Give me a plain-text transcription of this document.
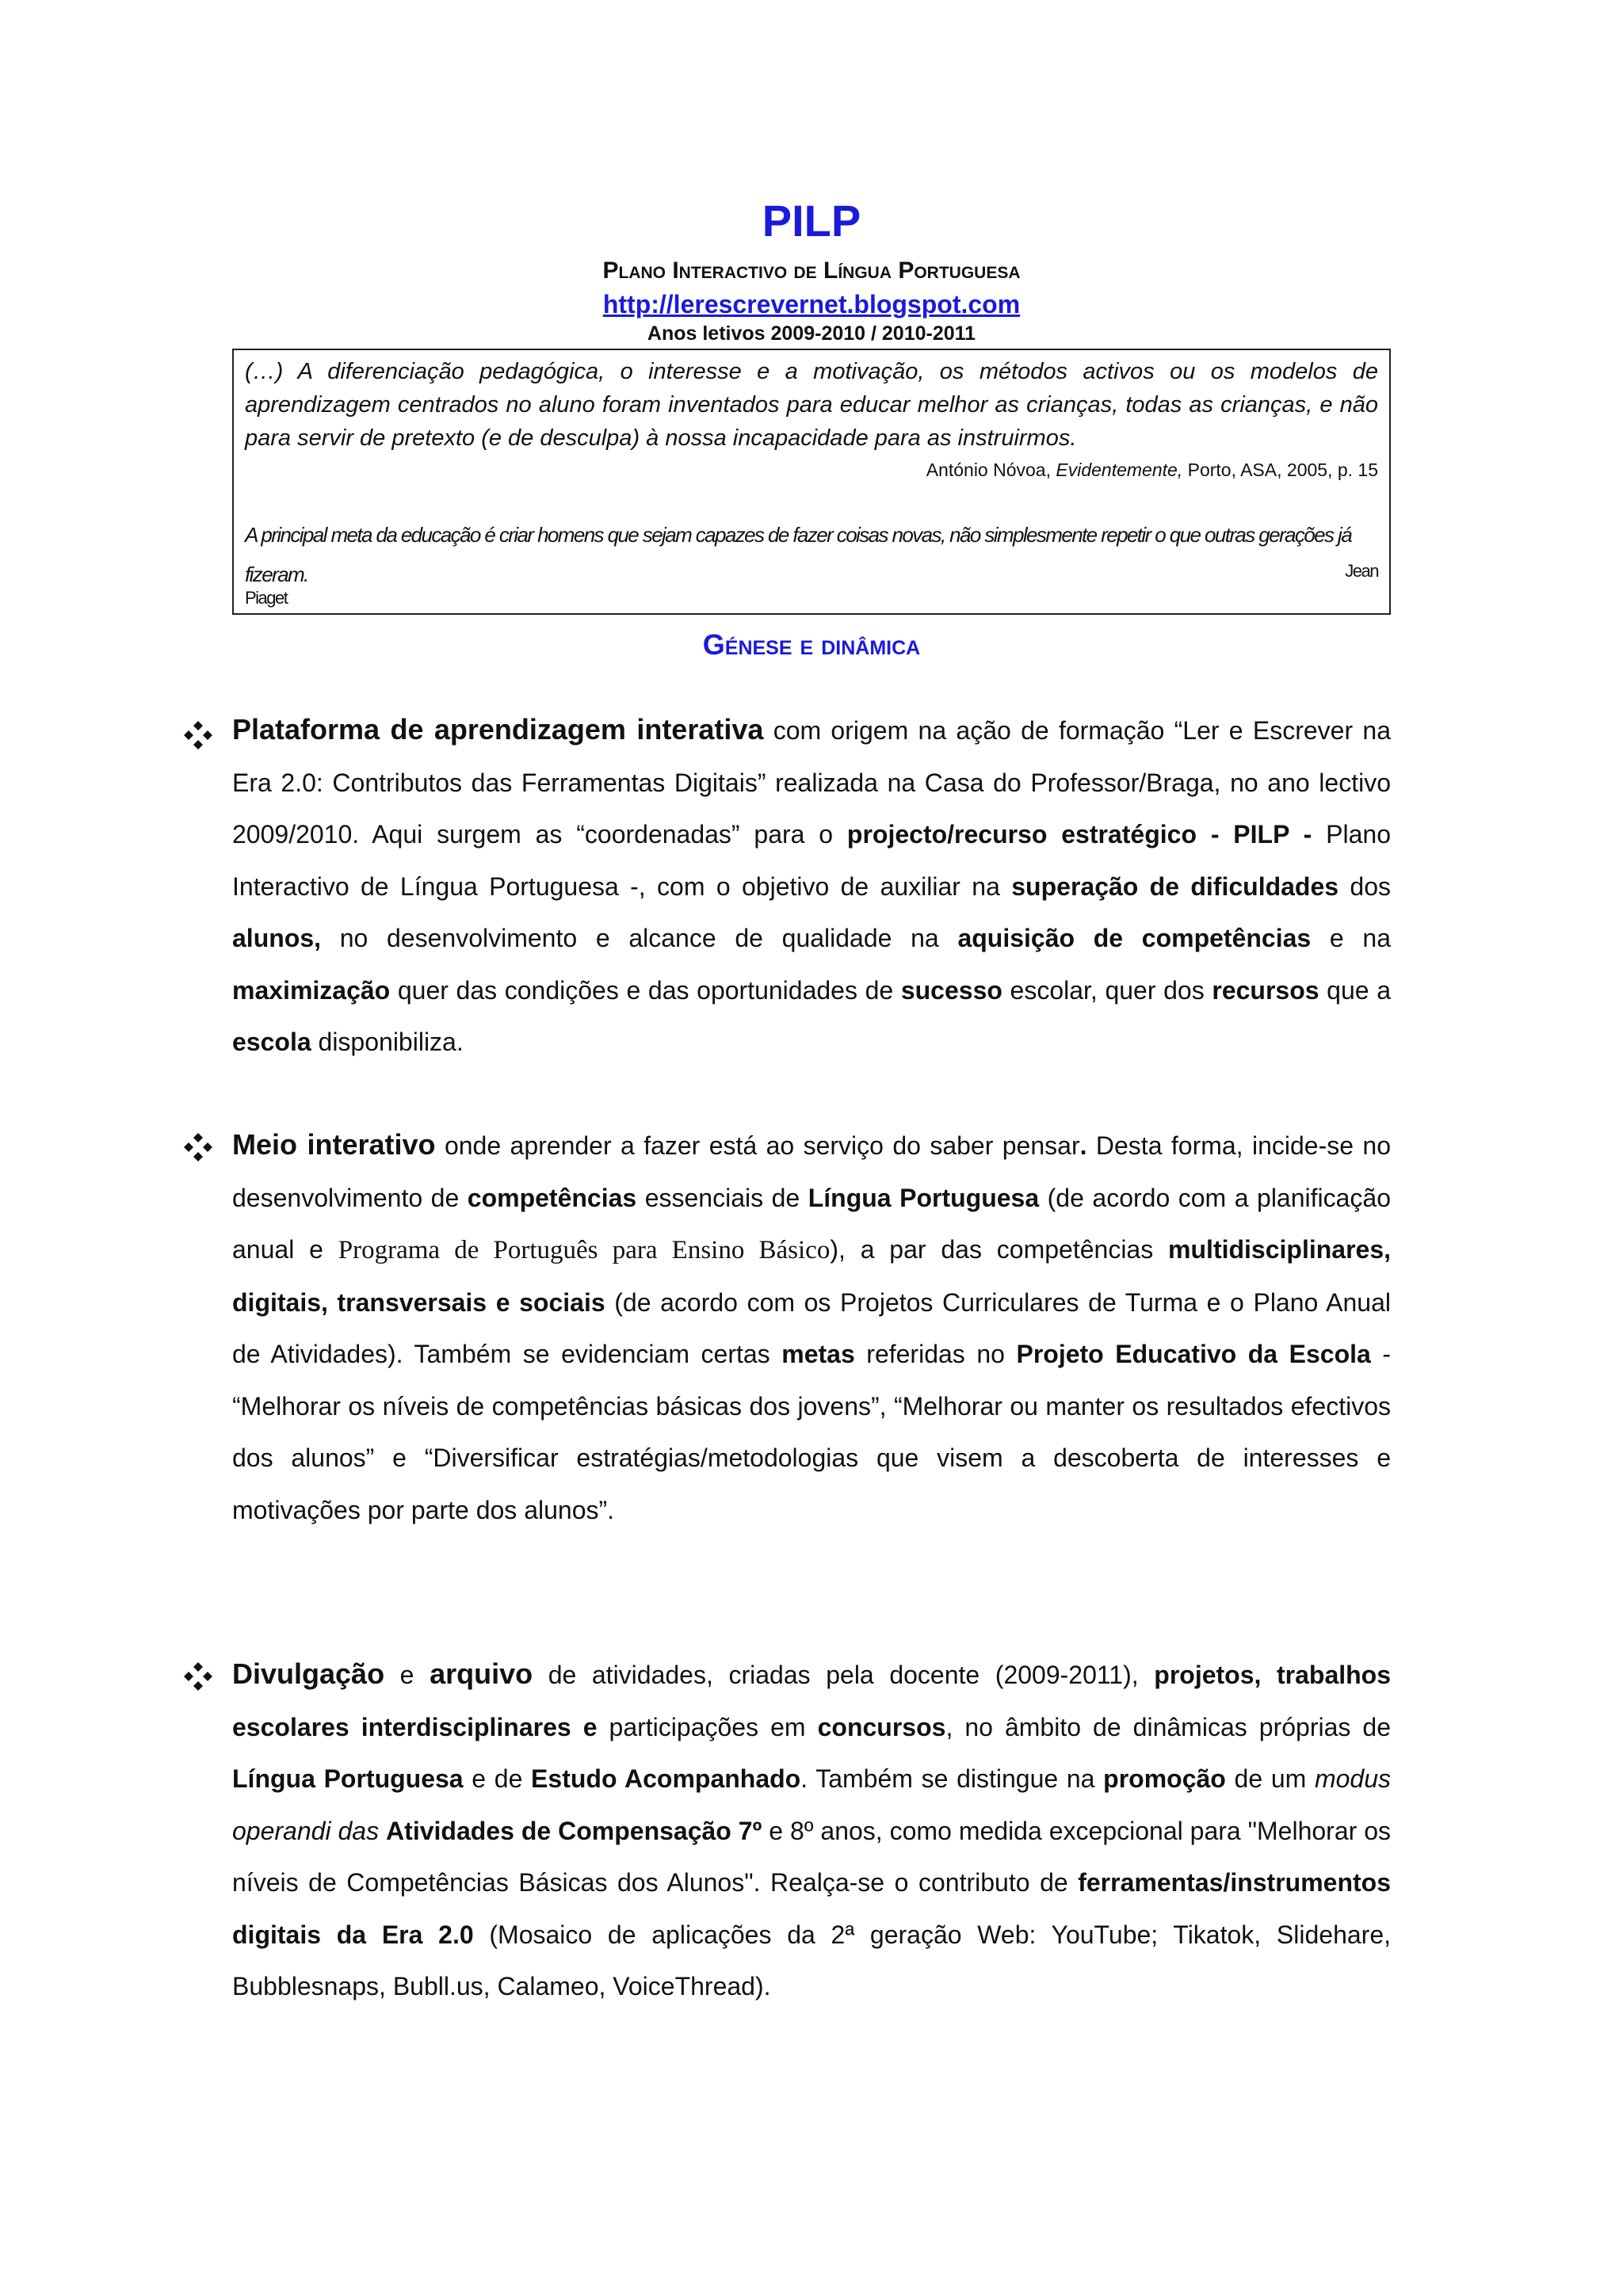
PILP
Plano Interactivo de Língua Portuguesa
http://lerescrevernet.blogspot.com
Anos letivos 2009-2010 / 2010-2011
(…) A diferenciação pedagógica, o interesse e a motivação, os métodos activos ou os modelos de aprendizagem centrados no aluno foram inventados para educar melhor as crianças, todas as crianças, e não para servir de pretexto (e de desculpa) à nossa incapacidade para as instruirmos.
António Nóvoa, Evidentemente, Porto, ASA, 2005, p. 15
A principal meta da educação é criar homens que sejam capazes de fazer coisas novas, não simplesmente repetir o que outras gerações já
fizeram.	Jean
Piaget
Génese e dinâmica
Plataforma de aprendizagem interativa com origem na ação de formação “Ler e Escrever na Era 2.0: Contributos das Ferramentas Digitais” realizada na Casa do Professor/Braga, no ano lectivo 2009/2010. Aqui surgem as “coordenadas” para o projecto/recurso estratégico - PILP - Plano Interactivo de Língua Portuguesa -, com o objetivo de auxiliar na superação de dificuldades dos alunos, no desenvolvimento e alcance de qualidade na aquisição de competências e na maximização quer das condições e das oportunidades de sucesso escolar, quer dos recursos que a escola disponibiliza.
Meio interativo onde aprender a fazer está ao serviço do saber pensar. Desta forma, incide-se no desenvolvimento de competências essenciais de Língua Portuguesa (de acordo com a planificação anual e Programa de Português para Ensino Básico), a par das competências multidisciplinares, digitais, transversais e sociais (de acordo com os Projetos Curriculares de Turma e o Plano Anual de Atividades). Também se evidenciam certas metas referidas no Projeto Educativo da Escola - “Melhorar os níveis de competências básicas dos jovens”, “Melhorar ou manter os resultados efectivos dos alunos” e “Diversificar estratégias/metodologias que visem a descoberta de interesses e motivações por parte dos alunos”.
Divulgação e arquivo de atividades, criadas pela docente (2009-2011), projetos, trabalhos escolares interdisciplinares e participações em concursos, no âmbito de dinâmicas próprias de Língua Portuguesa e de Estudo Acompanhado. Também se distingue na promoção de um modus operandi das Atividades de Compensação 7º e 8º anos, como medida excepcional para "Melhorar os níveis de Competências Básicas dos Alunos". Realça-se o contributo de ferramentas/instrumentos digitais da Era 2.0 (Mosaico de aplicações da 2ª geração Web: YouTube; Tikatok, Slidehare, Bubblesnaps, Bubll.us, Calameo, VoiceThread).
